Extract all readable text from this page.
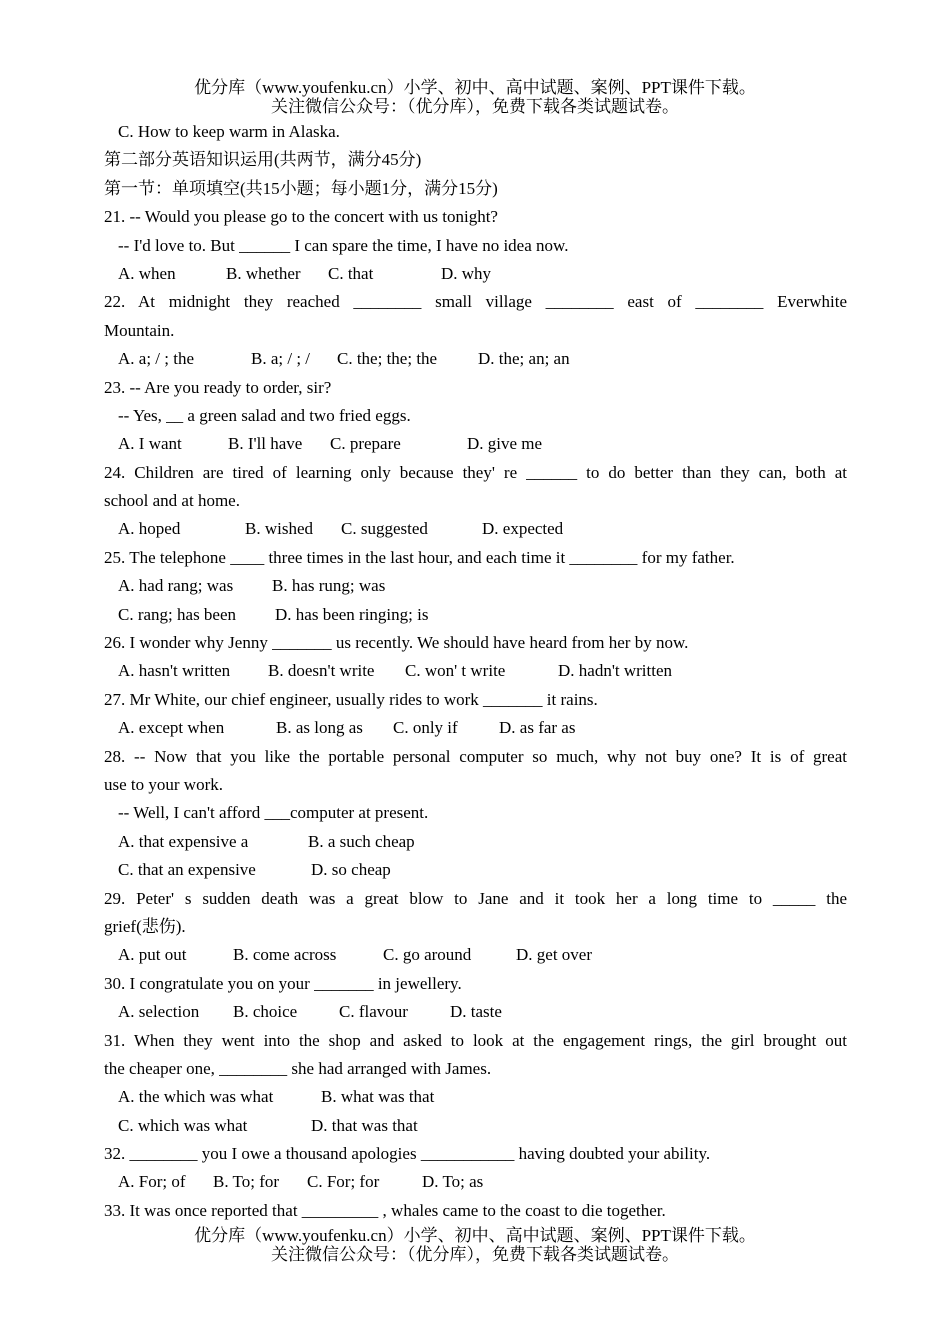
优分库（www.youfenku.cn）小学、初中、高中试题、案例、PPT课件下载。
关注微信公众号：（优分库），免费下载各类试题试卷。
C. How to keep warm in Alaska.
第二部分英语知识运用(共两节，满分45分)
第一节：单项填空(共15小题；每小题1分，满分15分)
21. -- Would you please go to the concert with us tonight?
-- I'd love to. But ______ I can spare the time, I have no idea now.
A. when	B. whether C. that	D. why
22. At midnight they reached ________ small village ________ east of ________ Everwhite
Mountain.
A. a; / ; the	B. a; / ; / C. the; the; the D. the; an; an
23. -- Are you ready to order, sir?
-- Yes, __ a green salad and two fried eggs.
A. I want	B. I'll have C. prepare	D. give me
24. Children are tired of learning only because they' re ______ to do better than they can, both at
school and at home.
A. hoped	B. wished C. suggested	D. expected
25. The telephone ____ three times in the last hour, and each time it ________ for my father.
A. had rang; was B. has rung; was
C. rang; has been D. has been ringing; is
26. I wonder why Jenny _______ us recently. We should have heard from her by now.
A. hasn't written B. doesn't write C. won' t write	D. hadn't written
27. Mr White, our chief engineer, usually rides to work _______ it rains.
A. except when	B. as long as C. only if D. as far as
28. -- Now that you like the portable personal computer so much, why not buy one? It is of great
use to your work.
-- Well, I can't afford ___computer at present.
A. that expensive a	B. a such cheap
C. that an expensive	D. so cheap
29. Peter' s sudden death was a great blow to Jane and it took her a long time to _____ the
grief(悲伤).
A. put out	B. come across	C. go around	D. get over
30. I congratulate you on your _______ in jewellery.
A. selection B. choice C. flavour D. taste
31. When they went into the shop and asked to look at the engagement rings, the girl brought out
the cheaper one, ________ she had arranged with James.
A. the which was what	B. what was that
C. which was what	D. that was that
32. ________ you I owe a thousand apologies ___________ having doubted your ability.
A. For; of B. To; for C. For; for	D. To; as
33. It was once reported that _________ , whales came to the coast to die together.
优分库（www.youfenku.cn）小学、初中、高中试题、案例、PPT课件下载。
关注微信公众号：（优分库），免费下载各类试题试卷。
